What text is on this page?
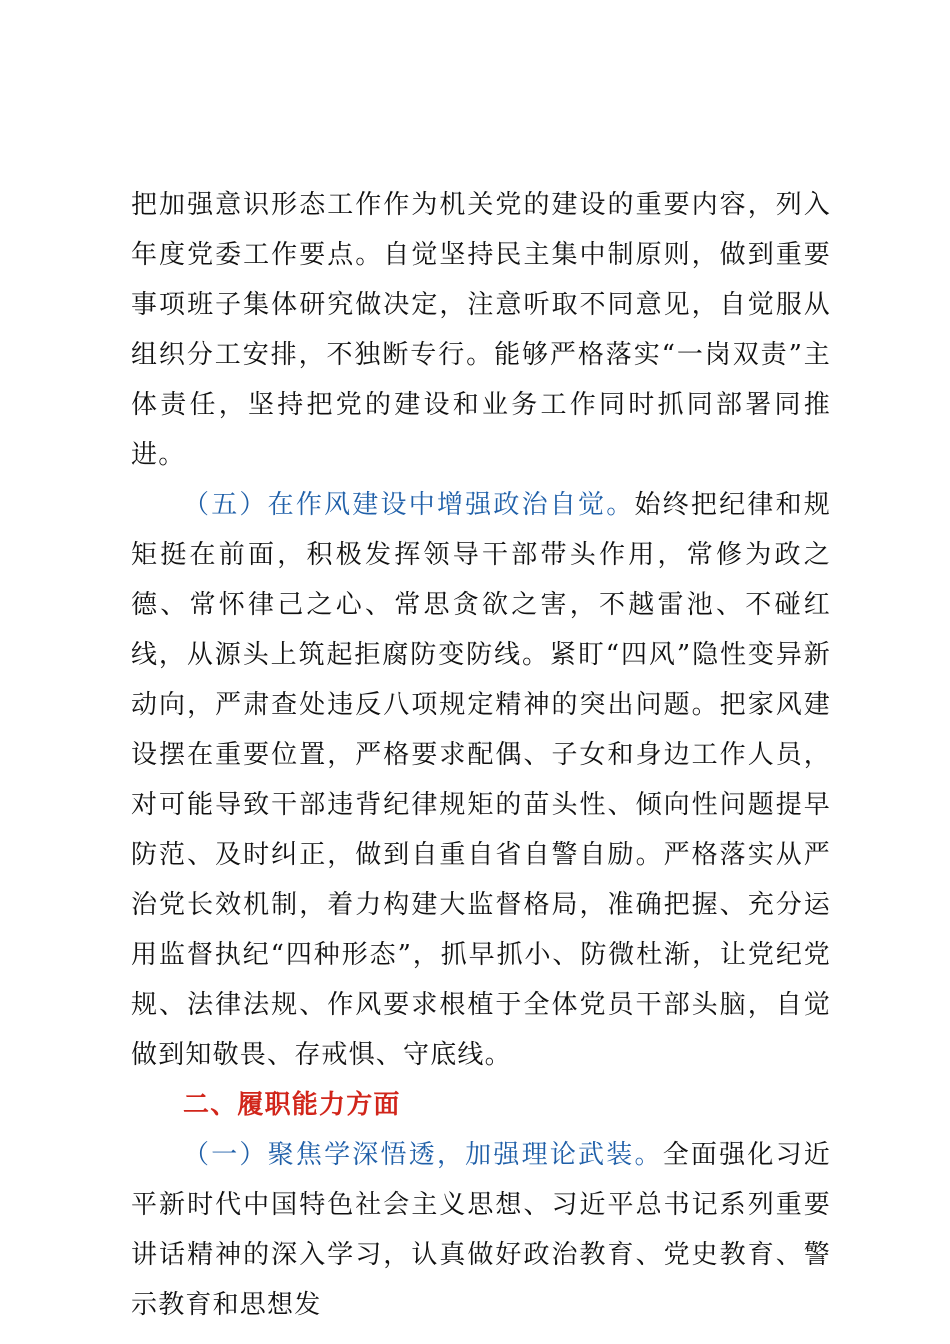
把加强意识形态工作作为机关党的建设的重要内容，列入年度党委工作要点。自觉坚持民主集中制原则，做到重要事项班子集体研究做决定，注意听取不同意见，自觉服从组织分工安排，不独断专行。能够严格落实“一岗双责”主体责任，坚持把党的建设和业务工作同时抓同部署同推进。

（五）在作风建设中增强政治自觉。始终把纪律和规矩挺在前面，积极发挥领导干部带头作用，常修为政之德、常怀律己之心、常思贪欲之害，不越雷池、不碰红线，从源头上筑起拒腐防变防线。紧盯“四风”隐性变异新动向，严肃查处违反八项规定精神的突出问题。把家风建设摆在重要位置，严格要求配偶、子女和身边工作人员，对可能导致干部违背纪律规矩的苗头性、倾向性问题提早防范、及时纠正，做到自重自省自警自励。严格落实从严治党长效机制，着力构建大监督格局，准确把握、充分运用监督执纪“四种形态”，抓早抓小、防微杜渐，让党纪党规、法律法规、作风要求根植于全体党员干部头脑，自觉做到知敬畏、存戒惧、守底线。

二、履职能力方面

（一）聚焦学深悟透，加强理论武装。全面强化习近平新时代中国特色社会主义思想、习近平总书记系列重要讲话精神的深入学习，认真做好政治教育、党史教育、警示教育和思想发
